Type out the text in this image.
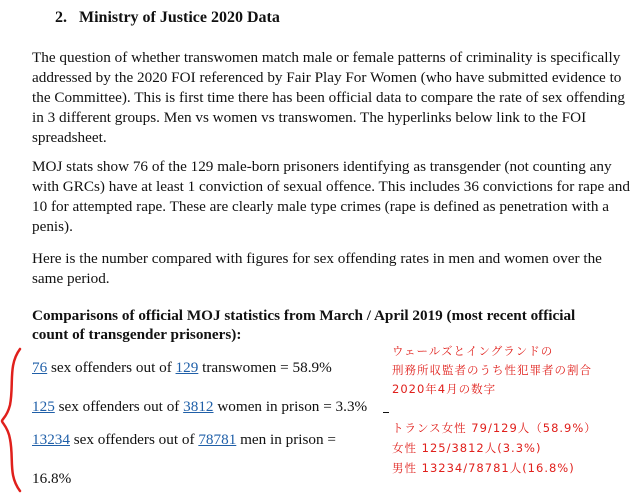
2. Ministry of Justice 2020 Data
The question of whether transwomen match male or female patterns of criminality is specifically addressed by the 2020 FOI referenced by Fair Play For Women (who have submitted evidence to the Committee). This is first time there has been official data to compare the rate of sex offending in 3 different groups. Men vs women vs transwomen. The hyperlinks below link to the FOI spreadsheet.
MOJ stats show 76 of the 129 male-born prisoners identifying as transgender (not counting any with GRCs) have at least 1 conviction of sexual offence. This includes 36 convictions for rape and 10 for attempted rape. These are clearly male type crimes (rape is defined as penetration with a penis).
Here is the number compared with figures for sex offending rates in men and women over the same period.
Comparisons of official MOJ statistics from March / April 2019 (most recent official count of transgender prisoners):
76 sex offenders out of 129 transwomen = 58.9%
125 sex offenders out of 3812 women in prison = 3.3%
13234 sex offenders out of 78781 men in prison =
16.8%
ウェールズとイングランドの
刑務所収監者のうち性犯罪者の割合
2020年4月の数字
トランス女性 79/129人（58.9%）
女性 125/3812人(3.3%)
男性 13234/78781人(16.8%)
